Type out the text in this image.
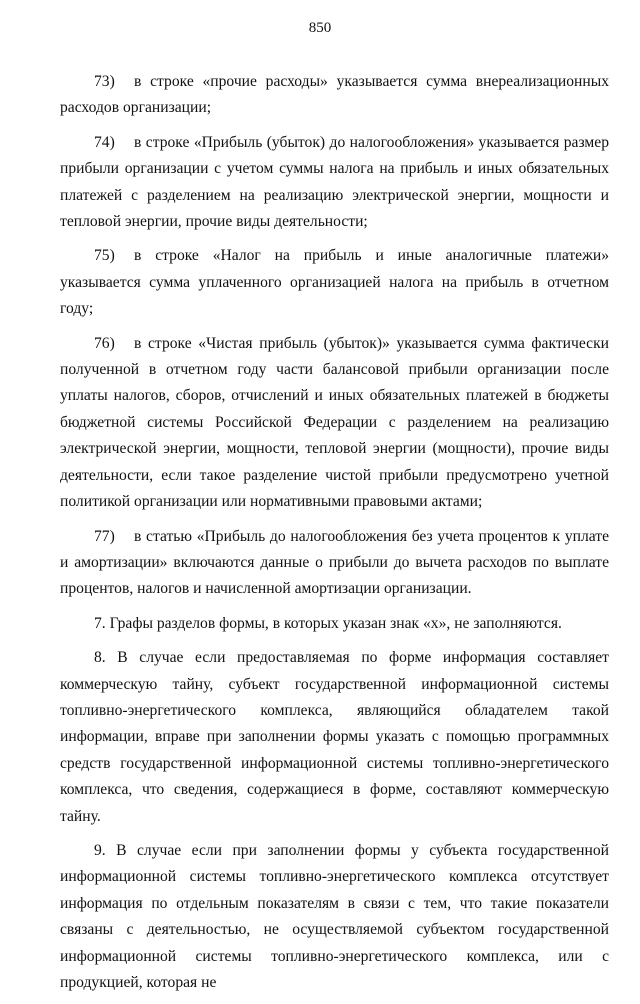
850

73) в строке «прочие расходы» указывается сумма внереализационных расходов организации;

74) в строке «Прибыль (убыток) до налогообложения» указывается размер прибыли организации с учетом суммы налога на прибыль и иных обязательных платежей с разделением на реализацию электрической энергии, мощности и тепловой энергии, прочие виды деятельности;

75) в строке «Налог на прибыль и иные аналогичные платежи» указывается сумма уплаченного организацией налога на прибыль в отчетном году;

76) в строке «Чистая прибыль (убыток)» указывается сумма фактически полученной в отчетном году части балансовой прибыли организации после уплаты налогов, сборов, отчислений и иных обязательных платежей в бюджеты бюджетной системы Российской Федерации с разделением на реализацию электрической энергии, мощности, тепловой энергии (мощности), прочие виды деятельности, если такое разделение чистой прибыли предусмотрено учетной политикой организации или нормативными правовыми актами;

77) в статью «Прибыль до налогообложения без учета процентов к уплате и амортизации» включаются данные о прибыли до вычета расходов по выплате процентов, налогов и начисленной амортизации организации.

7. Графы разделов формы, в которых указан знак «х», не заполняются.

8. В случае если предоставляемая по форме информация составляет коммерческую тайну, субъект государственной информационной системы топливно-энергетического комплекса, являющийся обладателем такой информации, вправе при заполнении формы указать с помощью программных средств государственной информационной системы топливно-энергетического комплекса, что сведения, содержащиеся в форме, составляют коммерческую тайну.

9. В случае если при заполнении формы у субъекта государственной информационной системы топливно-энергетического комплекса отсутствует информация по отдельным показателям в связи с тем, что такие показатели связаны с деятельностью, не осуществляемой субъектом государственной информационной системы топливно-энергетического комплекса, или с продукцией, которая не
